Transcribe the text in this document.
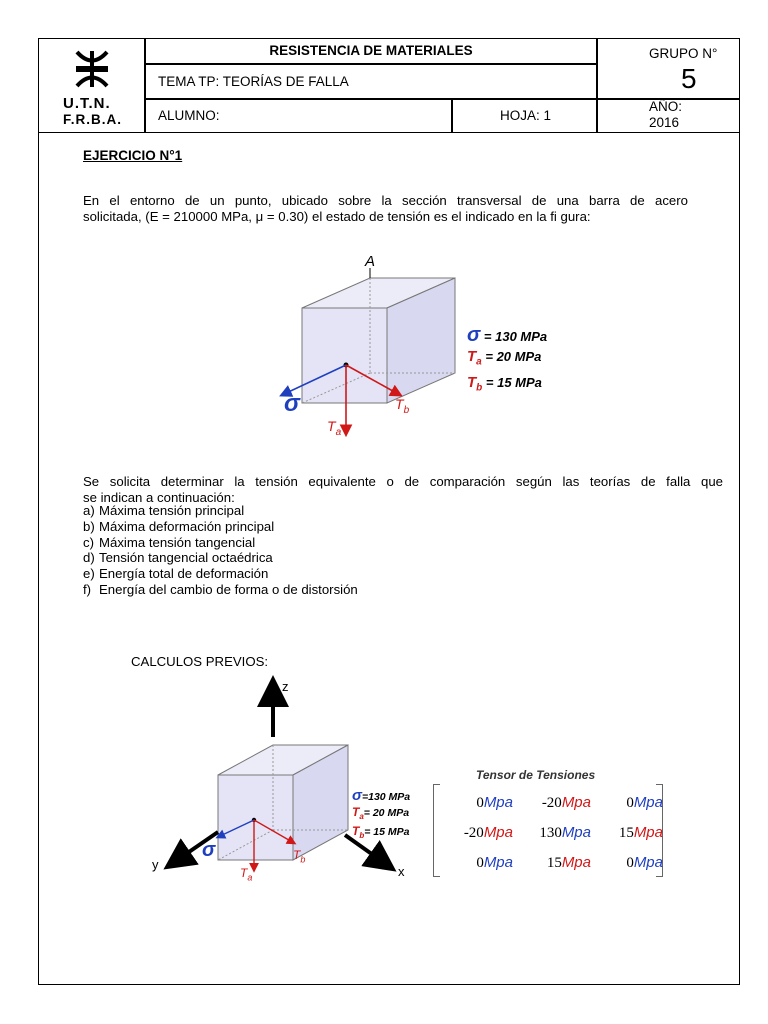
U.T.N.
F.R.B.A.
RESISTENCIA DE MATERIALES
TEMA TP: TEORÍAS DE FALLA
ALUMNO:	HOJA: 1
GRUPO N°
5
AÑO:
2016
EJERCICIO N°1
En el entorno de un punto, ubicado sobre la sección transversal de una barra de acero
solicitada, (E = 210000 MPa, μ = 0.30) el estado de tensión es el indicado en la fi gura:
A
σ	$T_b$
$T_a$
σ = 130 MPa
$T_a = 20$ MPa
$T_b = 15$ MPa
Se solicita determinar la tensión equivalente o de comparación según las teorías de falla que
se indican a continuación:
a) Máxima tensión principal
b) Máxima deformación principal
c) Máxima tensión tangencial
d) Tensión tangencial octaédrica
e) Energía total de deformación
f) Energía del cambio de forma o de distorsión
CALCULOS PREVIOS:
z
y	x
σ	$T_b$
$T_a$
σ=130 MPa
$T_a= 20$ MPa
$T_b= 15$ MPa
Tensor de Tensiones
0Mpa	-20Mpa	0Mpa
-20Mpa	130Mpa	15Mpa
0Mpa	15Mpa	0Mpa
